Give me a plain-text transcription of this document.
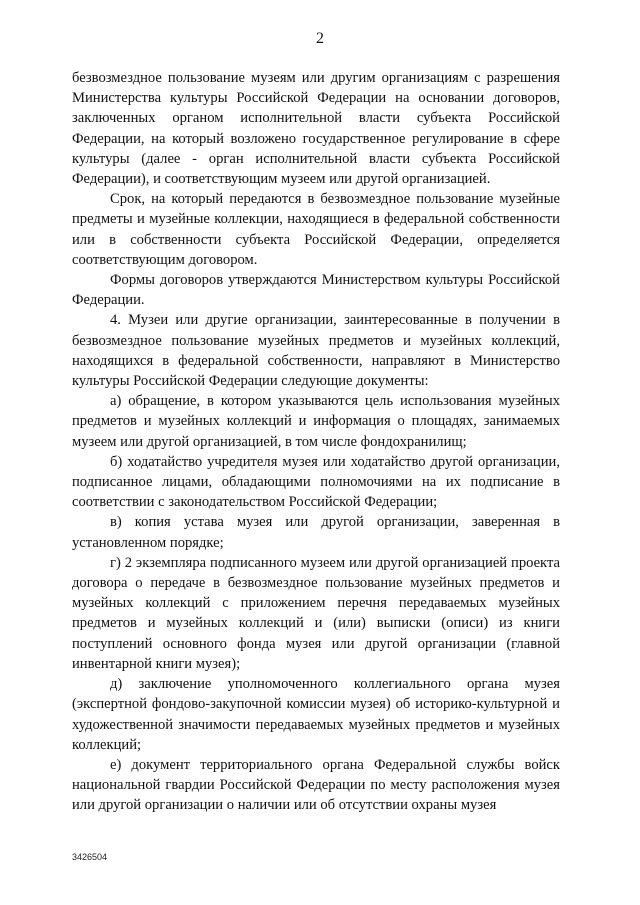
2

безвозмездное пользование музеям или другим организациям с разрешения Министерства культуры Российской Федерации на основании договоров, заключенных органом исполнительной власти субъекта Российской Федерации, на который возложено государственное регулирование в сфере культуры (далее - орган исполнительной власти субъекта Российской Федерации), и соответствующим музеем или другой организацией.

Срок, на который передаются в безвозмездное пользование музейные предметы и музейные коллекции, находящиеся в федеральной собственности или в собственности субъекта Российской Федерации, определяется соответствующим договором.

Формы договоров утверждаются Министерством культуры Российской Федерации.

4. Музеи или другие организации, заинтересованные в получении в безвозмездное пользование музейных предметов и музейных коллекций, находящихся в федеральной собственности, направляют в Министерство культуры Российской Федерации следующие документы:

а) обращение, в котором указываются цель использования музейных предметов и музейных коллекций и информация о площадях, занимаемых музеем или другой организацией, в том числе фондохранилищ;

б) ходатайство учредителя музея или ходатайство другой организации, подписанное лицами, обладающими полномочиями на их подписание в соответствии с законодательством Российской Федерации;

в) копия устава музея или другой организации, заверенная в установленном порядке;

г) 2 экземпляра подписанного музеем или другой организацией проекта договора о передаче в безвозмездное пользование музейных предметов и музейных коллекций с приложением перечня передаваемых музейных предметов и музейных коллекций и (или) выписки (описи) из книги поступлений основного фонда музея или другой организации (главной инвентарной книги музея);

д) заключение уполномоченного коллегиального органа музея (экспертной фондово-закупочной комиссии музея) об историко-культурной и художественной значимости передаваемых музейных предметов и музейных коллекций;

е) документ территориального органа Федеральной службы войск национальной гвардии Российской Федерации по месту расположения музея или другой организации о наличии или об отсутствии охраны музея

3426504
